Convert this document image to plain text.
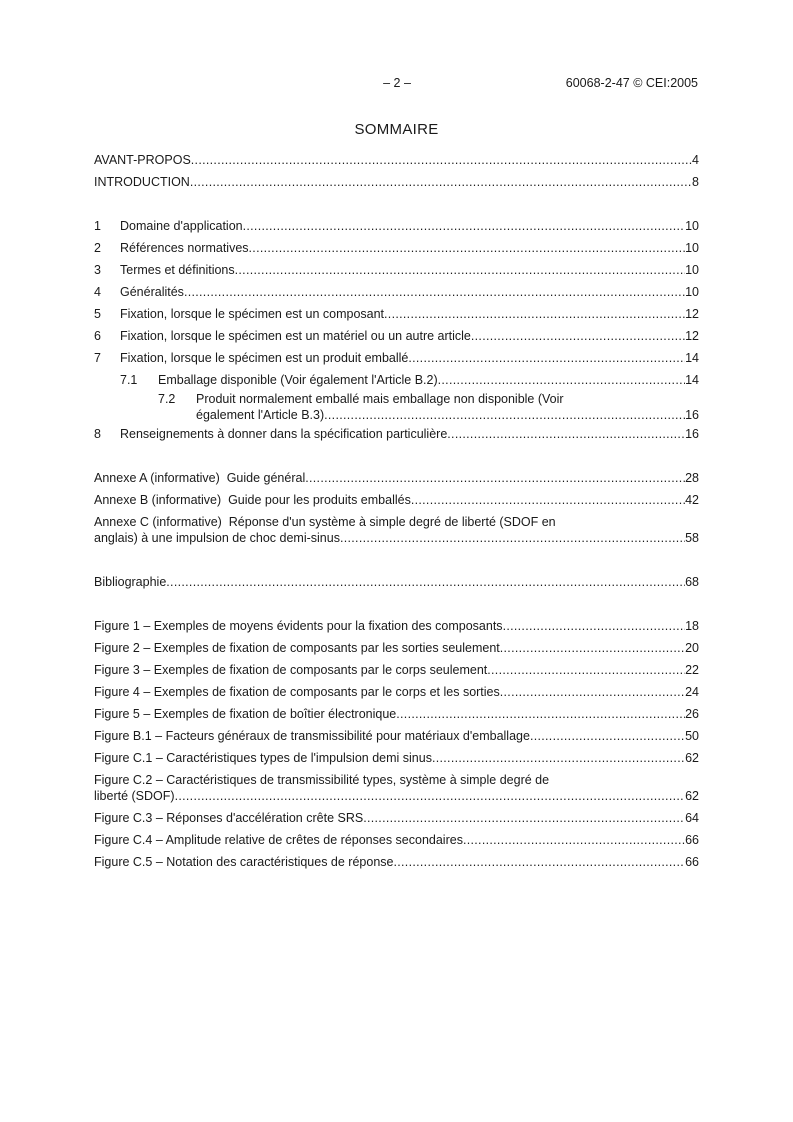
– 2 –	60068-2-47 © CEI:2005
SOMMAIRE
AVANT-PROPOS .....	4
INTRODUCTION .....	8
1	Domaine d'application .....	10
2	Références normatives .....	10
3	Termes et définitions .....	10
4	Généralités .....	10
5	Fixation, lorsque le spécimen est un composant .....	12
6	Fixation, lorsque le spécimen est un matériel ou un autre article .....	12
7	Fixation, lorsque le spécimen est un produit emballé .....	14
7.1	Emballage disponible (Voir également l'Article B.2) .....	14
7.2 Produit normalement emballé mais emballage non disponible (Voir
également l'Article B.3) .....	16
8	Renseignements à donner dans la spécification particulière .....	16
Annexe A (informative)  Guide général .....	28
Annexe B (informative)  Guide pour les produits emballés .....	42
Annexe C (informative)  Réponse d'un système à simple degré de liberté (SDOF en
anglais) à une impulsion de choc demi-sinus .....	58
Bibliographie .....	68
Figure 1 – Exemples de moyens évidents pour la fixation des composants .....	18
Figure 2 – Exemples de fixation de composants par les sorties seulement .....	20
Figure 3 – Exemples de fixation de composants par le corps seulement .....	22
Figure 4 – Exemples de fixation de composants par le corps et les sorties .....	24
Figure 5 – Exemples de fixation de boîtier électronique .....	26
Figure B.1 – Facteurs généraux de transmissibilité pour matériaux d'emballage .....	50
Figure C.1 – Caractéristiques types de l'impulsion demi sinus .....	62
Figure C.2 – Caractéristiques de transmissibilité types, système à simple degré de
liberté (SDOF) .....	62
Figure C.3 – Réponses d'accélération crête SRS .....	64
Figure C.4 – Amplitude relative de crêtes de réponses secondaires .....	66
Figure C.5 – Notation des caractéristiques de réponse .....	66
